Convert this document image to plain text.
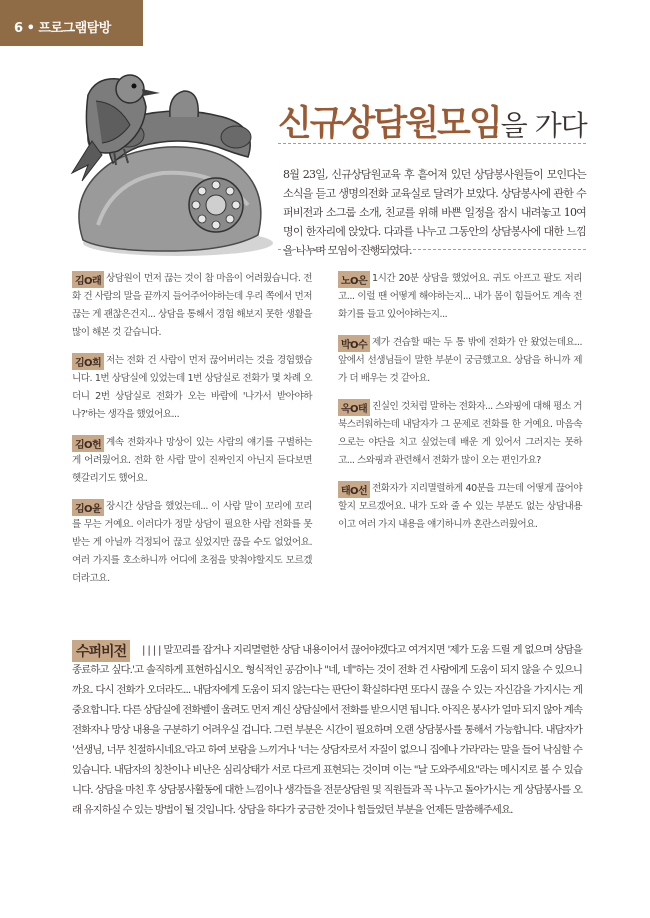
6 • 프로그램탐방
신규상담원모임을 가다

8월 23일, 신규상담원교육 후 흩어져 있던 상담봉사원들이 모인다는 소식을 듣고 생명의전화 교육실로 달려가 보았다. 상담봉사에 관한 수퍼비전과 소그룹 소개, 친교를 위해 바쁜 일정을 잠시 내려놓고 10여명이 한자리에 앉았다. 다과를 나누고 그동안의 상담봉사에 대한 느낌을 나누며 모임이 진행되었다.

김O래 상담원이 먼저 끊는 것이 참 마음이 어려웠습니다. 전화 건 사람의 말을 끝까지 들어주어야하는데 우리 쪽에서 먼저 끊는 게 괜찮은건지... 상담을 통해서 경험 해보지 못한 생활을 많이 해본 것 같습니다.
김O희 저는 전화 건 사람이 먼저 끊어버리는 것을 경험했습니다. 1번 상담실에 있었는데 1번 상담실로 전화가 몇 차례 오더니 2번 상담실로 전화가 오는 바람에 '나가서 받아야하나?'하는 생각을 했었어요...
김O헌 계속 전화자나 망상이 있는 사람의 얘기를 구별하는 게 어려웠어요. 전화 한 사람 말이 진짜인지 아닌지 듣다보면 헷갈리기도 했어요.
김O윤 장시간 상담을 했었는데... 이 사람 말이 꼬리에 꼬리를 무는 거예요. 이러다가 정말 상담이 필요한 사람 전화를 못 받는 게 아닐까 걱정되어 끊고 싶었지만 끊을 수도 없었어요. 여러 가지를 호소하니까 어디에 초점을 맞춰야할지도 모르겠더라고요.
노O은 1시간 20분 상담을 했었어요. 귀도 아프고 팔도 저리고... 이럴 땐 어떻게 해야하는지... 내가 몸이 힘들어도 계속 전화기를 들고 있어야하는지...
박O수 제가 견습할 때는 두 통 밖에 전화가 안 왔었는데요...앞에서 선생님들이 말한 부분이 궁금했고요. 상담을 하니까 제가 더 배우는 것 같아요.
옥O태 진실인 것처럼 말하는 전화자... 스와핑에 대해 평소 거북스러워하는데 내담자가 그 문제로 전화를 한 거예요. 마음속으로는 야단을 치고 싶었는데 배운 게 있어서 그러지는 못하고... 스와핑과 관련해서 전화가 많이 오는 편인가요?
태O선 전화자가 지리멸렬하게 40분을 끄는데 어떻게 끊어야 할지 모르겠어요. 내가 도와 줄 수 있는 부분도 없는 상담내용이고 여러 가지 내용을 얘기하니까 혼란스러웠어요.
수퍼비전	| | | | 말꼬리를 잡거나 지리멸렬한 상담 내용이어서 끊어야겠다고 여겨지면 '제가 도움 드릴 게 없으며 상담을 종료하고 싶다.'고 솔직하게 표현하십시오. 형식적인 공감이나 "네, 네"하는 것이 전화 건 사람에게 도움이 되지 않을 수 있으니까요. 다시 전화가 오더라도... 내담자에게 도움이 되지 않는다는 판단이 확실하다면 또다시 끊을 수 있는 자신감을 가지시는 게 중요합니다. 다른 상담실에 전화벨이 울려도 먼저 계신 상담실에서 전화를 받으시면 됩니다. 아직은 봉사가 얼마 되지 않아 계속 전화자나 망상 내용을 구분하기 어려우실 겁니다. 그런 부분은 시간이 필요하며 오랜 상담봉사를 통해서 가능합니다. 내담자가 '선생님, 너무 친절하시네요.'라고 하여 보람을 느끼거나 '너는 상담자로서 자질이 없으니 집에나 가라'라는 말을 들어 낙심할 수 있습니다. 내담자의 칭찬이나 비난은 심리상태가 서로 다르게 표현되는 것이며 이는 "날 도와주세요"라는 메시지로 볼 수 있습니다. 상담을 마친 후 상담봉사활동에 대한 느낌이나 생각들을 전문상담원 및 직원들과 꼭 나누고 돌아가시는 게 상담봉사를 오래 유지하실 수 있는 방법이 될 것입니다. 상담을 하다가 궁금한 것이나 힘들었던 부분을 언제든 말씀해주세요.
